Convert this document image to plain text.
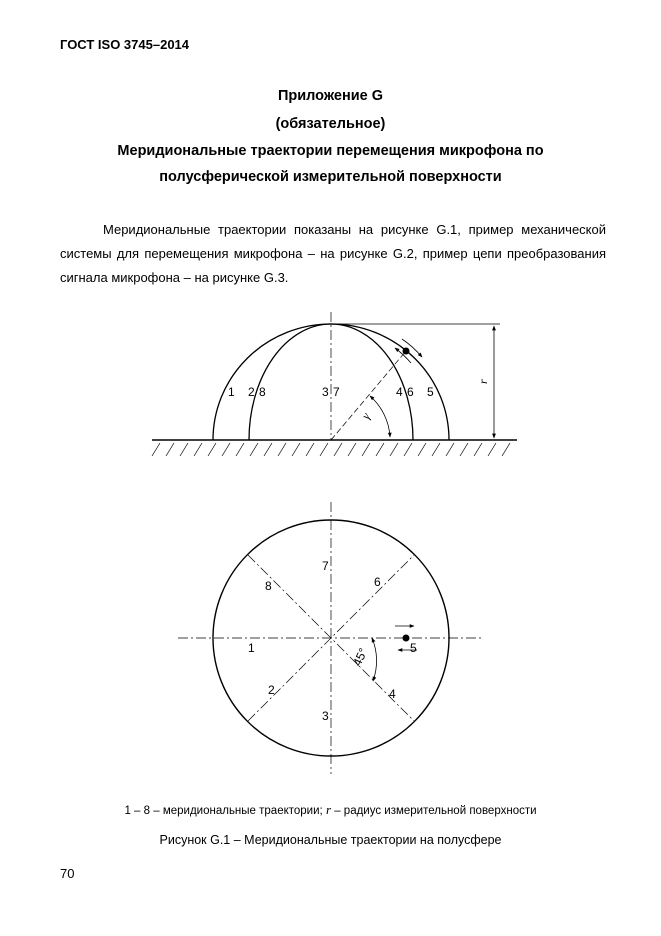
ГОСТ ISO 3745–2014
Приложение G
(обязательное)
Меридиональные траектории перемещения микрофона по
полусферической измерительной поверхности
Меридиональные траектории показаны на рисунке G.1, пример механической системы для перемещения микрофона – на рисунке G.2, пример цепи преобразования сигнала микрофона – на рисунке G.3.
r
γ
1 2 8	3 7	4 6 5
45°
1
2
3
4
5
6
7
8
1 – 8 – меридиональные траектории; r – радиус измерительной поверхности
Рисунок G.1 – Меридиональные траектории на полусфере
70
